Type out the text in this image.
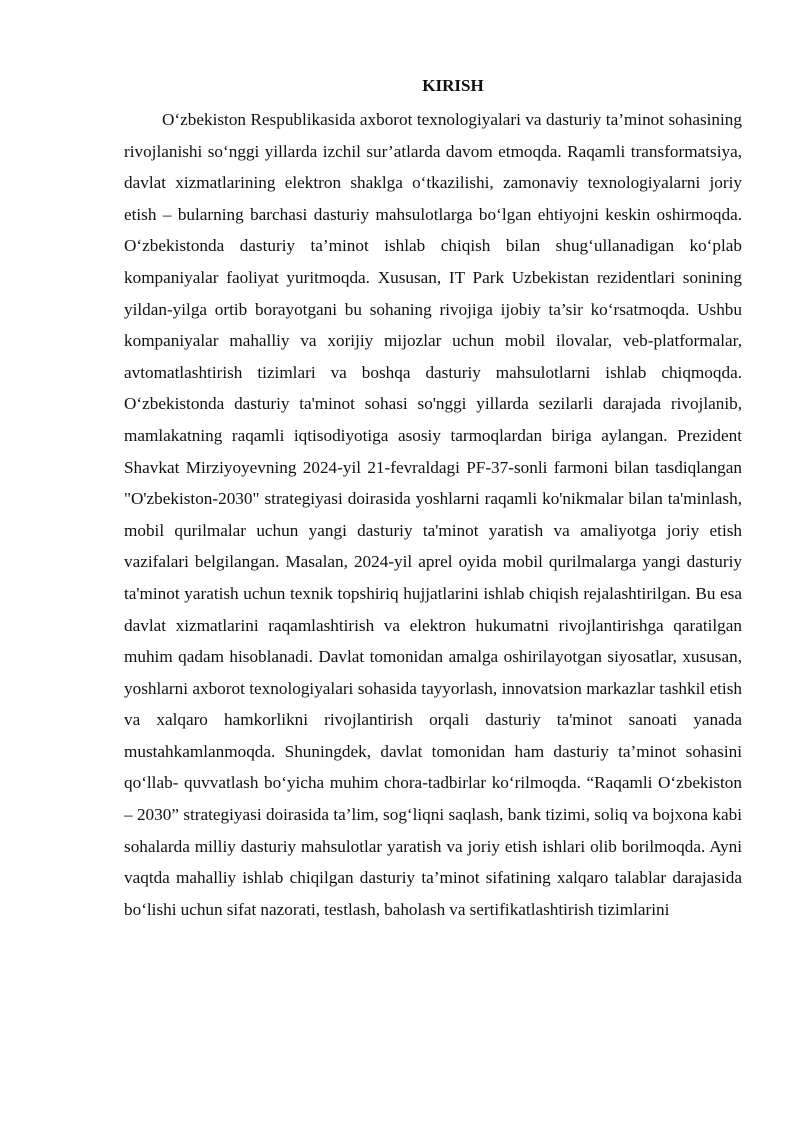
KIRISH

O‘zbekiston Respublikasida axborot texnologiyalari va dasturiy ta’minot sohasining rivojlanishi so‘nggi yillarda izchil sur’atlarda davom etmoqda. Raqamli transformatsiya, davlat xizmatlarining elektron shaklga o‘tkazilishi, zamonaviy texnologiyalarni joriy etish – bularning barchasi dasturiy mahsulotlarga bo‘lgan ehtiyojni keskin oshirmoqda. O‘zbekistonda dasturiy ta’minot ishlab chiqish bilan shug‘ullanadigan ko‘plab kompaniyalar faoliyat yuritmoqda. Xususan, IT Park Uzbekistan rezidentlari sonining yildan-yilga ortib borayotgani bu sohaning rivojiga ijobiy ta’sir ko‘rsatmoqda. Ushbu kompaniyalar mahalliy va xorijiy mijozlar uchun mobil ilovalar, veb-platformalar, avtomatlashtirish tizimlari va boshqa dasturiy mahsulotlarni ishlab chiqmoqda. O‘zbekistonda dasturiy ta'minot sohasi so'nggi yillarda sezilarli darajada rivojlanib, mamlakatning raqamli iqtisodiyotiga asosiy tarmoqlardan biriga aylangan. Prezident Shavkat Mirziyoyevning 2024-yil 21-fevraldagi PF-37-sonli farmoni bilan tasdiqlangan "O'zbekiston-2030" strategiyasi doirasida yoshlarni raqamli ko'nikmalar bilan ta'minlash, mobil qurilmalar uchun yangi dasturiy ta'minot yaratish va amaliyotga joriy etish vazifalari belgilangan. Masalan, 2024-yil aprel oyida mobil qurilmalarga yangi dasturiy ta'minot yaratish uchun texnik topshiriq hujjatlarini ishlab chiqish rejalashtirilgan. Bu esa davlat xizmatlarini raqamlashtirish va elektron hukumatni rivojlantirishga qaratilgan muhim qadam hisoblanadi. Davlat tomonidan amalga oshirilayotgan siyosatlar, xususan, yoshlarni axborot texnologiyalari sohasida tayyorlash, innovatsion markazlar tashkil etish va xalqaro hamkorlikni rivojlantirish orqali dasturiy ta'minot sanoati yanada mustahkamlanmoqda. Shuningdek, davlat tomonidan ham dasturiy ta’minot sohasini qo‘llab- quvvatlash bo‘yicha muhim chora-tadbirlar ko‘rilmoqda. “Raqamli O‘zbekiston – 2030” strategiyasi doirasida ta’lim, sog‘liqni saqlash, bank tizimi, soliq va bojxona kabi sohalarda milliy dasturiy mahsulotlar yaratish va joriy etish ishlari olib borilmoqda. Ayni vaqtda mahalliy ishlab chiqilgan dasturiy ta’minot sifatining xalqaro talablar darajasida bo‘lishi uchun sifat nazorati, testlash, baholash va sertifikatlashtirish tizimlarini
